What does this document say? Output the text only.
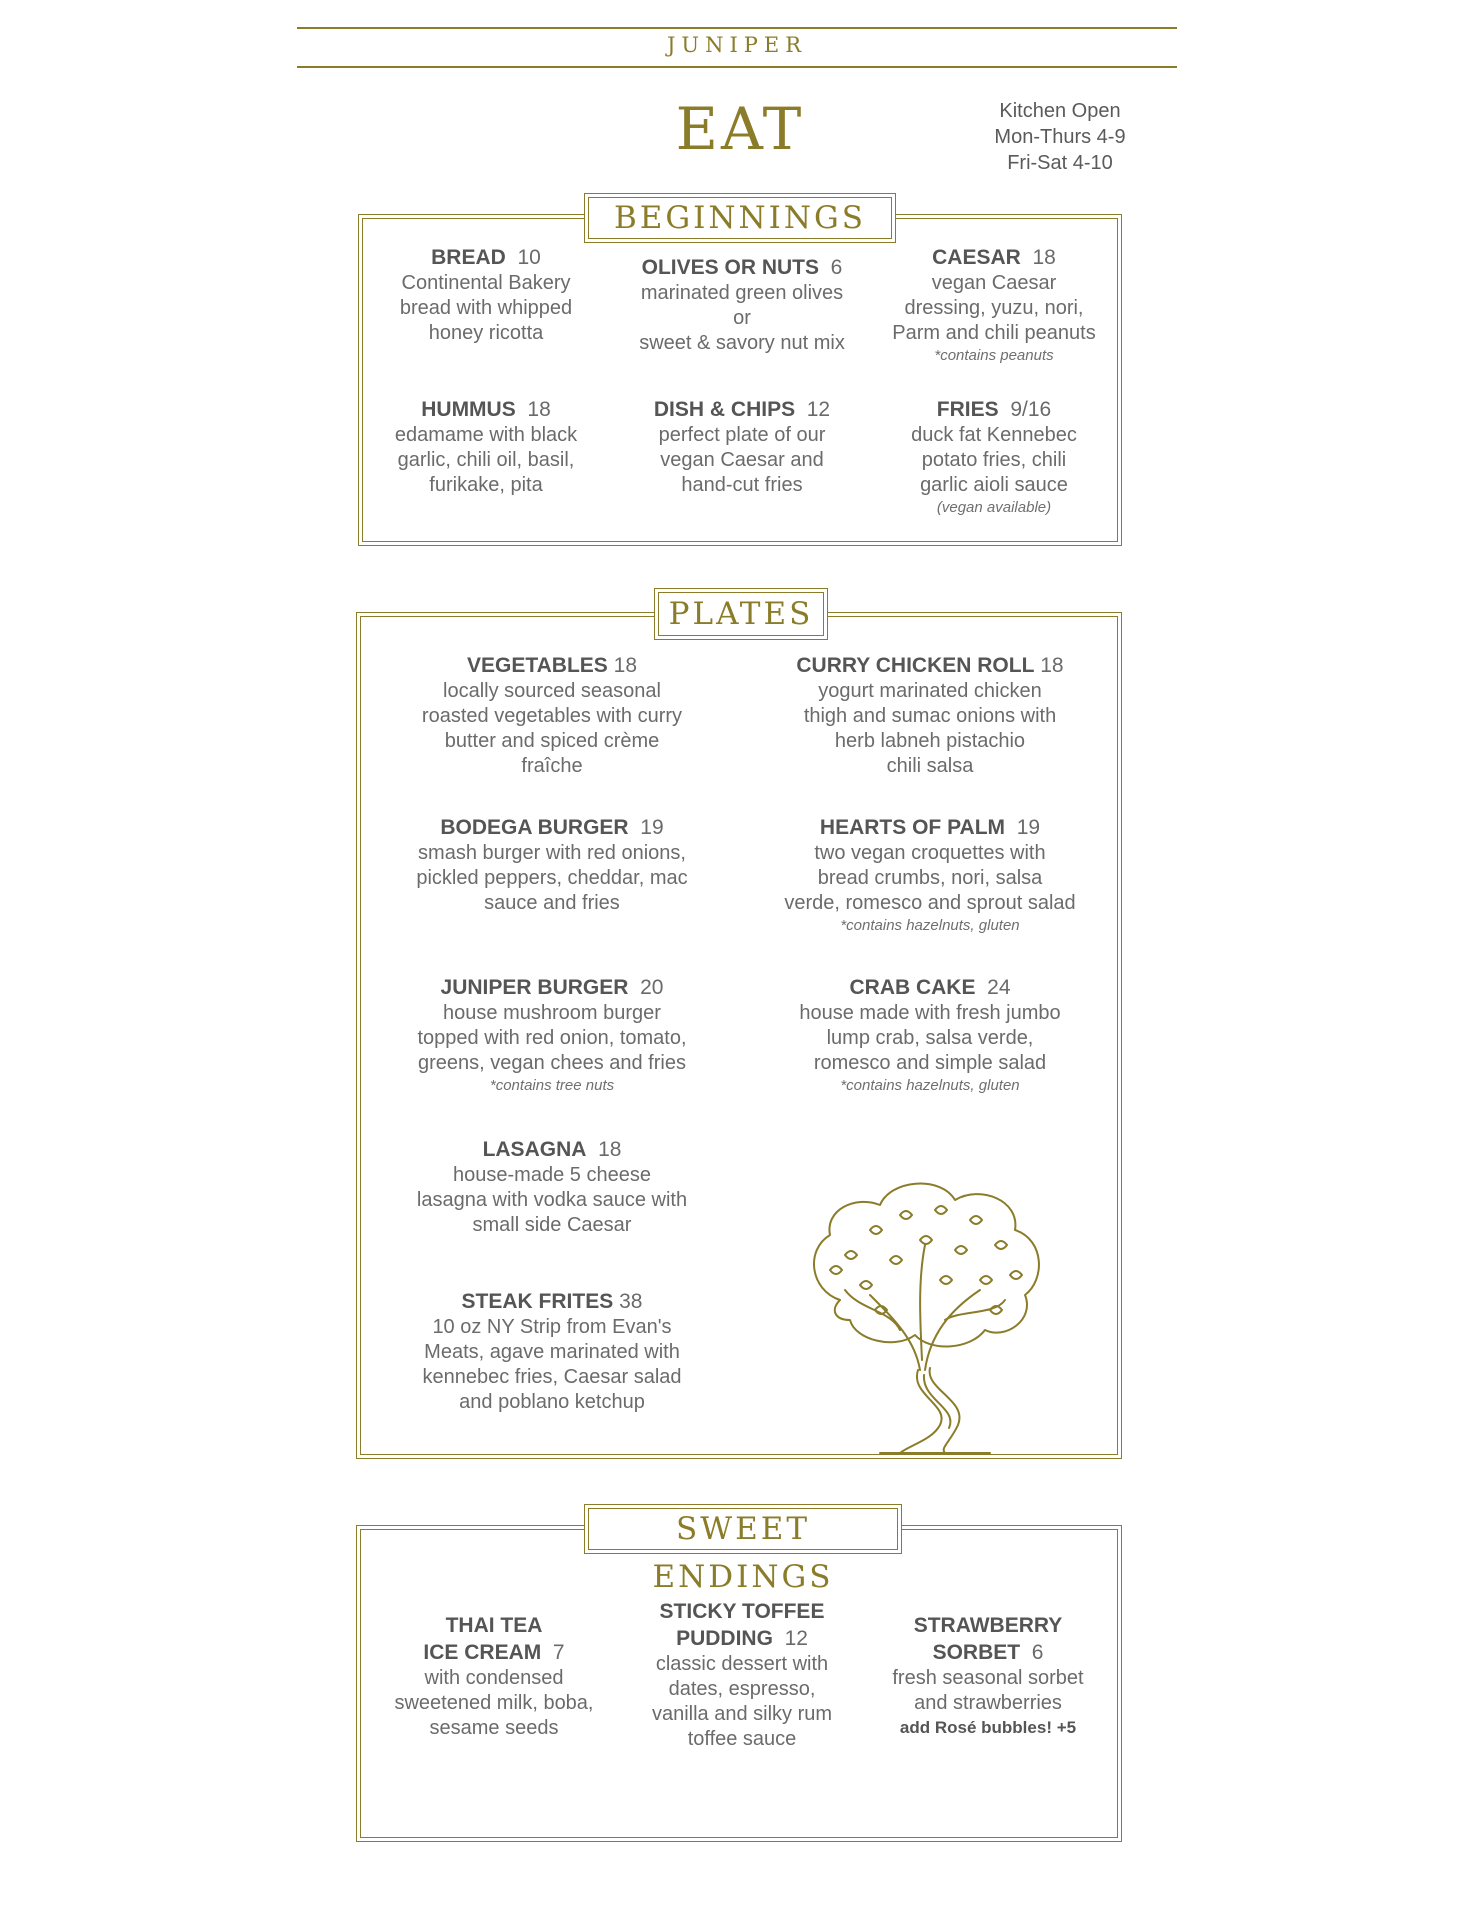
JUNIPER
EAT	Kitchen Open
Mon-Thurs 4-9
Fri-Sat 4-10
BEGINNINGS
BREAD 10
Continental Bakery
bread with whipped
honey ricotta
OLIVES OR NUTS 6
marinated green olives
or
sweet & savory nut mix
CAESAR 18
vegan Caesar
dressing, yuzu, nori,
Parm and chili peanuts
*contains peanuts
HUMMUS 18
edamame with black
garlic, chili oil, basil,
furikake, pita
DISH & CHIPS 12
perfect plate of our
vegan Caesar and
hand-cut fries
FRIES 9/16
duck fat Kennebec
potato fries, chili
garlic aioli sauce
(vegan available)
PLATES
VEGETABLES 18
locally sourced seasonal
roasted vegetables with curry
butter and spiced crème
fraîche
CURRY CHICKEN ROLL 18
yogurt marinated chicken
thigh and sumac onions with
herb labneh pistachio
chili salsa
BODEGA BURGER 19
smash burger with red onions,
pickled peppers, cheddar, mac
sauce and fries
HEARTS OF PALM 19
two vegan croquettes with
bread crumbs, nori, salsa
verde, romesco and sprout salad
*contains hazelnuts, gluten
JUNIPER BURGER 20
house mushroom burger
topped with red onion, tomato,
greens, vegan chees and fries
*contains tree nuts
CRAB CAKE 24
house made with fresh jumbo
lump crab, salsa verde,
romesco and simple salad
*contains hazelnuts, gluten
LASAGNA 18
house-made 5 cheese
lasagna with vodka sauce with
small side Caesar
STEAK FRITES 38
10 oz NY Strip from Evan's
Meats, agave marinated with
kennebec fries, Caesar salad
and poblano ketchup
SWEET ENDINGS
THAI TEA
ICE CREAM 7
with condensed
sweetened milk, boba,
sesame seeds
STICKY TOFFEE
PUDDING 12
classic dessert with
dates, espresso,
vanilla and silky rum
toffee sauce
STRAWBERRY
SORBET 6
fresh seasonal sorbet
and strawberries
add Rosé bubbles! +5
